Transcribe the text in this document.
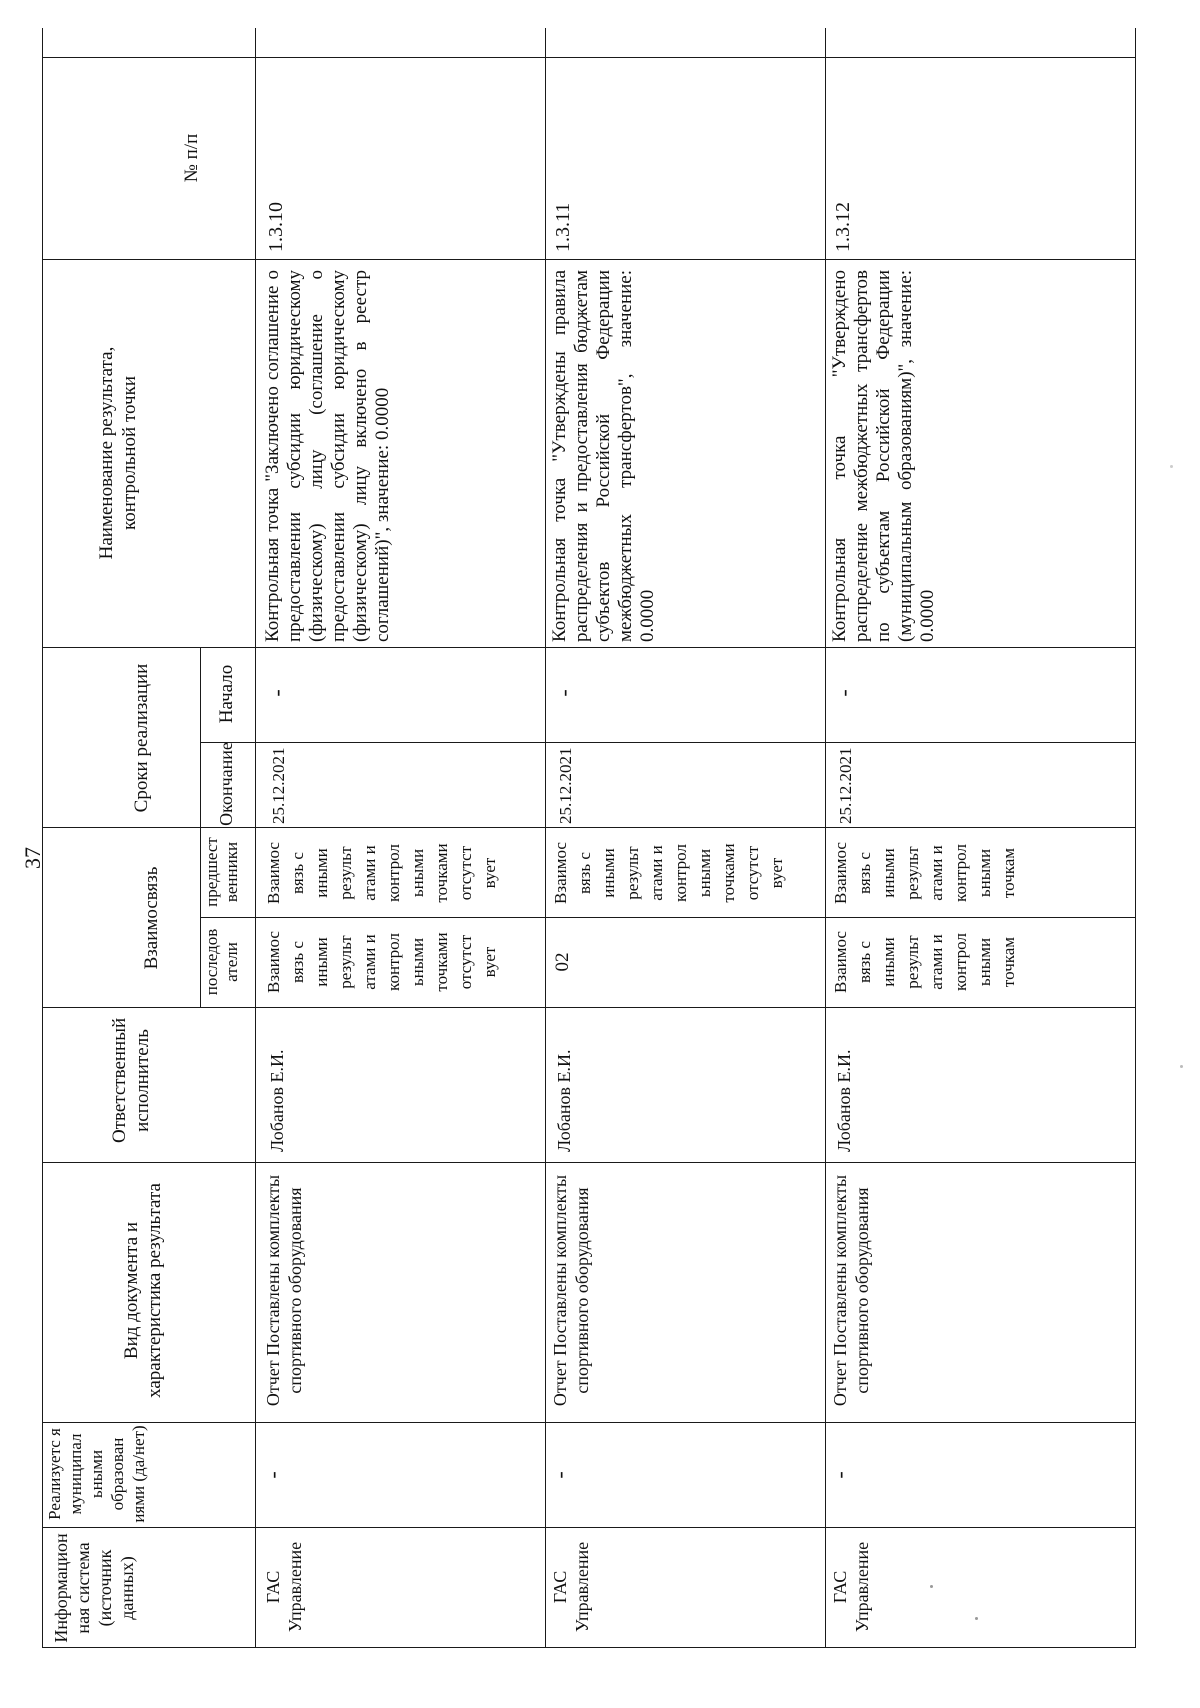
37
№ п/п
Наименование результата, контрольной точки
Сроки реализации	Начало
Окончание
Взаимосвязь предшест венники
последов атели
Ответственный исполнитель
Вид документа и характеристика результата
Реализуетс я муниципал ьными образован иями (да/нет)
Информацион ная система (источник данных)
1.3.10
Контрольная точка "Заключено соглашение о предоставлении субсидии юридическому (физическому) лицу (соглашение о предоставлении субсидии юридическому (физическому) лицу включено в реестр соглашений)", значение: 0.0000
-
25.12.2021
Взаимос вязь с иными результ атами и контрол ьными точками отсутст вует
Взаимос вязь с иными результ атами и контрол ьными точками отсутст вует
Лобанов Е.И.
Отчет Поставлены комплекты спортивного оборудования
-
ГАС Управление
1.3.11
Контрольная точка "Утверждены правила распределения и предоставления бюджетам субъектов Российской Федерации межбюджетных трансфертов", значение: 0.0000
-
25.12.2021
Взаимос вязь с иными результ атами и контрол ьными точками отсутст вует
02
Лобанов Е.И.
Отчет Поставлены комплекты спортивного оборудования
-
ГАС Управление
1.3.12
Контрольная точка "Утверждено распределение межбюджетных трансфертов по субъектам Российской Федерации (муниципальным образованиям)", значение: 0.0000
-
25.12.2021
Взаимос вязь с иными результ атами и контрол ьными точкам
Взаимос вязь с иными результ атами и контрол ьными точкам
Лобанов Е.И.
Отчет Поставлены комплекты спортивного оборудования
-
ГАС Управление
